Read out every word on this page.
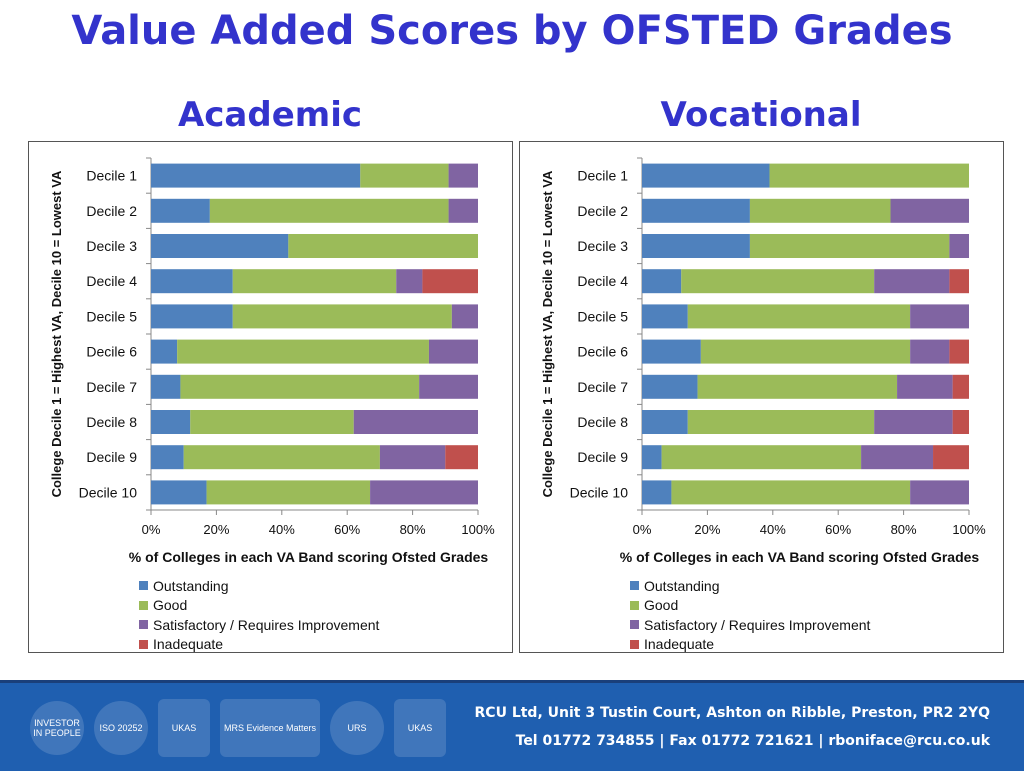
Value Added Scores by OFSTED Grades
Academic	Vocational
0%	20%	40%	60%	80%	100%
Decile 1
Decile 2
Decile 3
Decile 4
Decile 5
Decile 6
Decile 7
Decile 8
Decile 9
Decile 10
% of Colleges in each VA Band scoring Ofsted Grades
College Decile 1 = Highest VA, Decile 10 = Lowest VA
Outstanding
Good
Satisfactory / Requires Improvement
Inadequate
0%	20%	40%	60%	80%	100%
Decile 1
Decile 2
Decile 3
Decile 4
Decile 5
Decile 6
Decile 7
Decile 8
Decile 9
Decile 10
% of Colleges in each VA Band scoring Ofsted Grades
College Decile 1 = Highest VA, Decile 10 = Lowest VA
Outstanding
Good
Satisfactory / Requires Improvement
Inadequate
INVESTOR IN PEOPLE	ISO 20252	UKAS	MRS Evidence Matters	URS	UKAS
RCU Ltd, Unit 3 Tustin Court, Ashton on Ribble, Preston, PR2 2YQ
Tel 01772 734855 | Fax 01772 721621 | rboniface@rcu.co.uk
